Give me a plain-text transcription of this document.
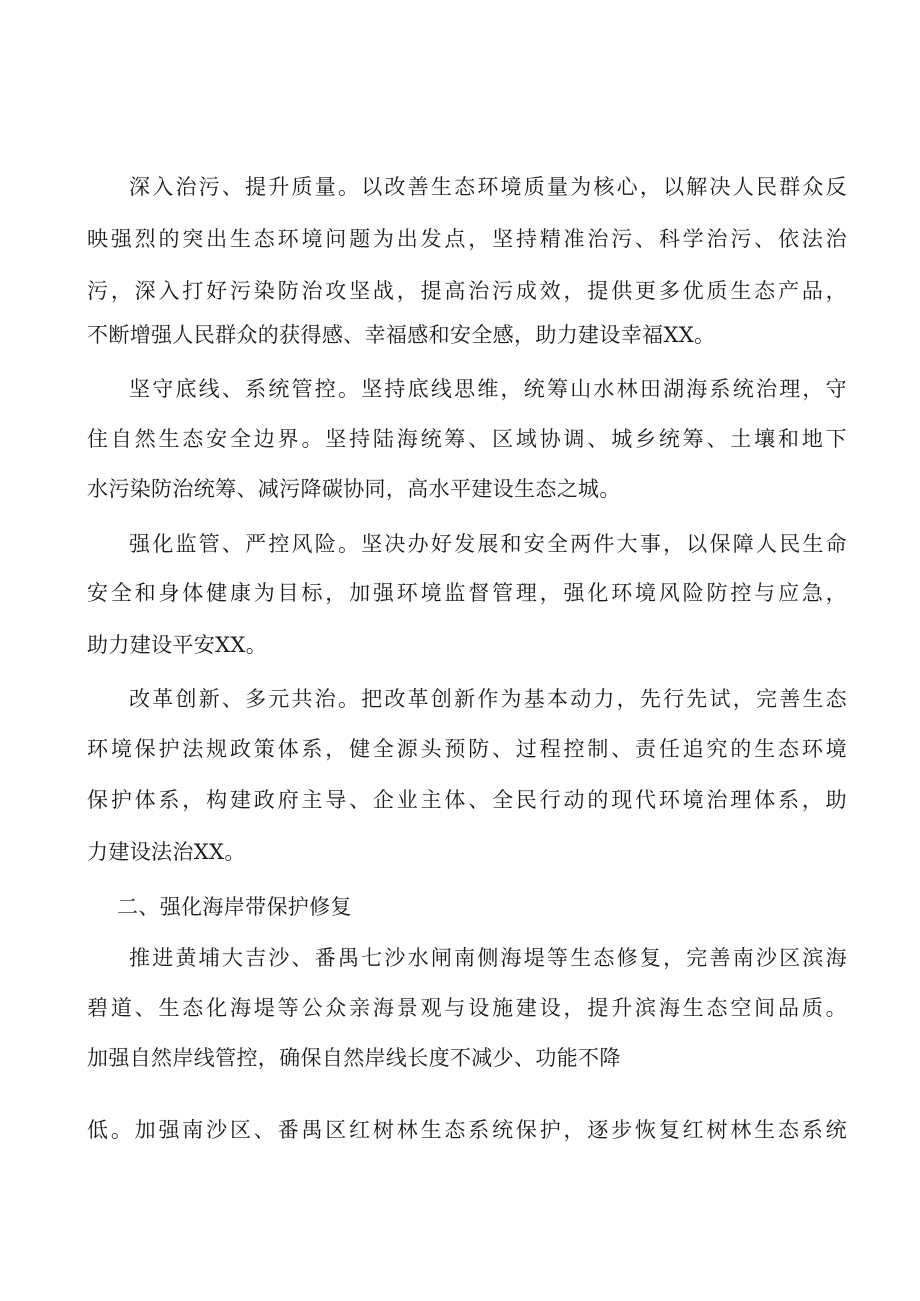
深入治污、提升质量。以改善生态环境质量为核心，以解决人民群众反
映强烈的突出生态环境问题为出发点，坚持精准治污、科学治污、依法治
污，深入打好污染防治攻坚战，提高治污成效，提供更多优质生态产品，
不断增强人民群众的获得感、幸福感和安全感，助力建设幸福XX。
坚守底线、系统管控。坚持底线思维，统筹山水林田湖海系统治理，守
住自然生态安全边界。坚持陆海统筹、区域协调、城乡统筹、土壤和地下
水污染防治统筹、减污降碳协同，高水平建设生态之城。
强化监管、严控风险。坚决办好发展和安全两件大事，以保障人民生命
安全和身体健康为目标，加强环境监督管理，强化环境风险防控与应急，
助力建设平安XX。
改革创新、多元共治。把改革创新作为基本动力，先行先试，完善生态
环境保护法规政策体系，健全源头预防、过程控制、责任追究的生态环境
保护体系，构建政府主导、企业主体、全民行动的现代环境治理体系，助
力建设法治XX。
二、强化海岸带保护修复
推进黄埔大吉沙、番禺七沙水闸南侧海堤等生态修复，完善南沙区滨海
碧道、生态化海堤等公众亲海景观与设施建设，提升滨海生态空间品质。
加强自然岸线管控，确保自然岸线长度不减少、功能不降
低。加强南沙区、番禺区红树林生态系统保护，逐步恢复红树林生态系统
